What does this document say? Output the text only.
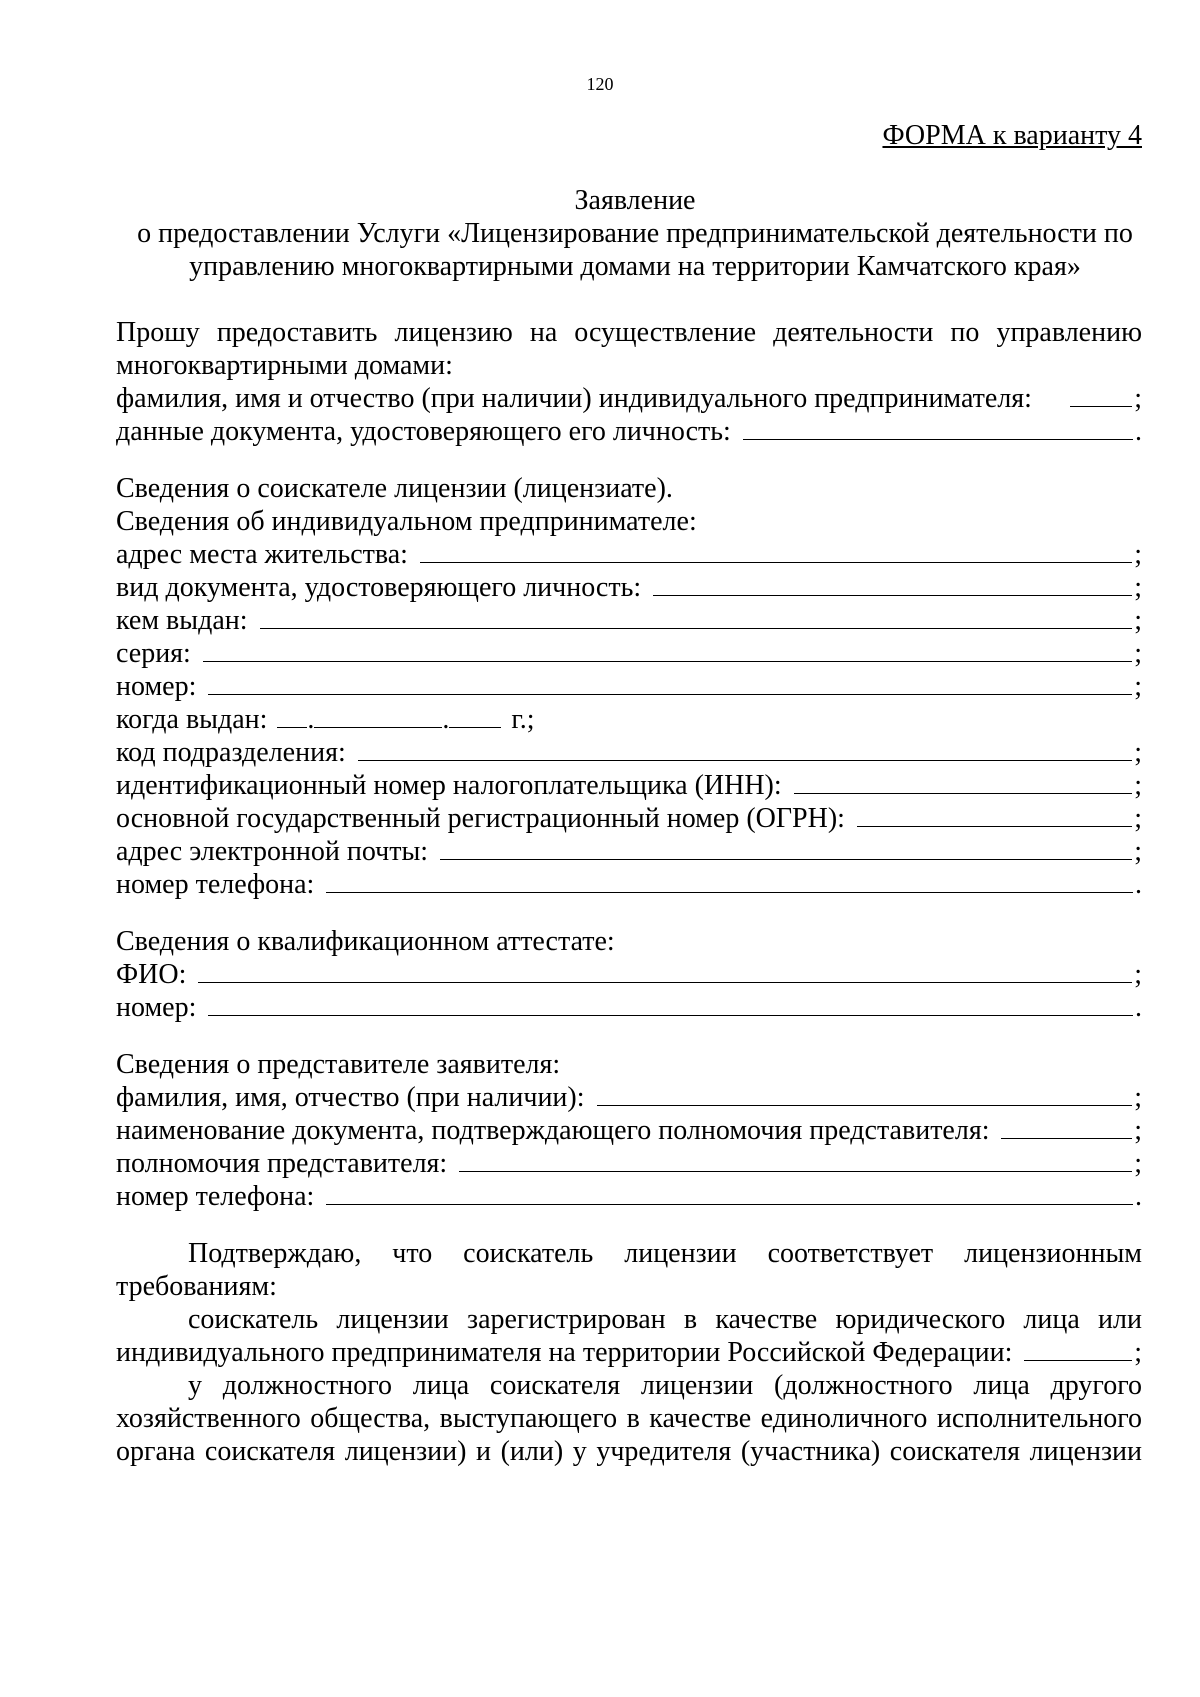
120
ФОРМА к варианту 4
Заявление
о предоставлении Услуги «Лицензирование предпринимательской деятельности по
управлению многоквартирными домами на территории Камчатского края»
Прошу предоставить лицензию на осуществление деятельности по управлению
многоквартирными домами:
фамилия, имя и отчество (при наличии) индивидуального предпринимателя:	;
данные документа, удостоверяющего его личность:	.
Сведения о соискателе лицензии (лицензиате).
Сведения об индивидуальном предпринимателе:
адрес места жительства:	;
вид документа, удостоверяющего личность:	;
кем выдан:	;
серия:	;
номер:	;
когда выдан: .	. г.;
код подразделения:	;
идентификационный номер налогоплательщика (ИНН):	;
основной государственный регистрационный номер (ОГРН):	;
адрес электронной почты:	;
номер телефона:	.
Сведения о квалификационном аттестате:
ФИО:	;
номер:	.
Сведения о представителе заявителя:
фамилия, имя, отчество (при наличии):	;
наименование документа, подтверждающего полномочия представителя:	;
полномочия представителя:	;
номер телефона:	.
Подтверждаю, что соискатель лицензии соответствует лицензионным
требованиям:
соискатель лицензии зарегистрирован в качестве юридического лица или
индивидуального предпринимателя на территории Российской Федерации:	;
у должностного лица соискателя лицензии (должностного лица другого
хозяйственного общества, выступающего в качестве единоличного исполнительного
органа соискателя лицензии) и (или) у учредителя (участника) соискателя лицензии
